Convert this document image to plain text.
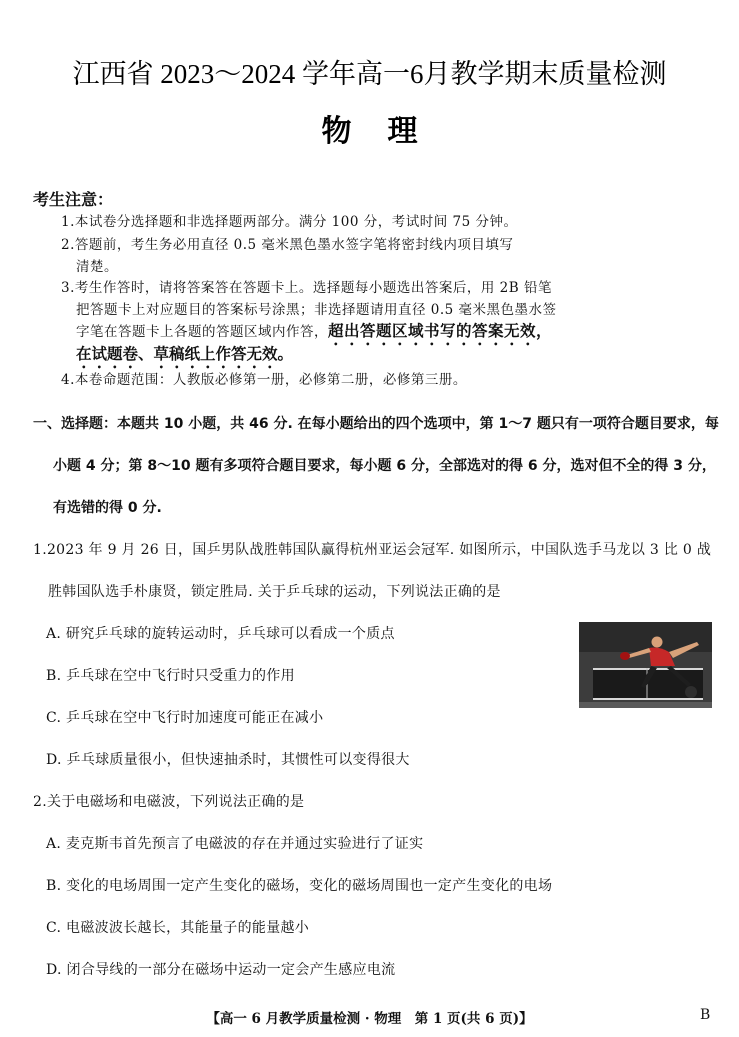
江西省 2023～2024 学年高一6月教学期末质量检测
物理
考生注意：
1.本试卷分选择题和非选择题两部分。满分 100 分，考试时间 75 分钟。
2.答题前，考生务必用直径 0.5 毫米黑色墨水签字笔将密封线内项目填写
清楚。
3.考生作答时，请将答案答在答题卡上。选择题每小题选出答案后，用 2B 铅笔
把答题卡上对应题目的答案标号涂黑；非选择题请用直径 0.5 毫米黑色墨水签
字笔在答题卡上各题的答题区域内作答，超出答题区域书写的答案无效，
在试题卷、草稿纸上作答无效。
4.本卷命题范围：人教版必修第一册，必修第二册，必修第三册。
一、选择题：本题共 10 小题，共 46 分. 在每小题给出的四个选项中，第 1～7 题只有一项符合题目要求，每
小题 4 分；第 8～10 题有多项符合题目要求，每小题 6 分，全部选对的得 6 分，选对但不全的得 3 分，
有选错的得 0 分.
1.2023 年 9 月 26 日，国乒男队战胜韩国队赢得杭州亚运会冠军. 如图所示，中国队选手马龙以 3 比 0 战
胜韩国队选手朴康贤，锁定胜局. 关于乒乓球的运动，下列说法正确的是
A. 研究乒乓球的旋转运动时，乒乓球可以看成一个质点
B. 乒乓球在空中飞行时只受重力的作用
C. 乒乓球在空中飞行时加速度可能正在减小
D. 乒乓球质量很小，但快速抽杀时，其惯性可以变得很大
2.关于电磁场和电磁波，下列说法正确的是
A. 麦克斯韦首先预言了电磁波的存在并通过实验进行了证实
B. 变化的电场周围一定产生变化的磁场，变化的磁场周围也一定产生变化的电场
C. 电磁波波长越长，其能量子的能量越小
D. 闭合导线的一部分在磁场中运动一定会产生感应电流
【高一 6 月教学质量检测 · 物理　第 1 页(共 6 页)】	B
